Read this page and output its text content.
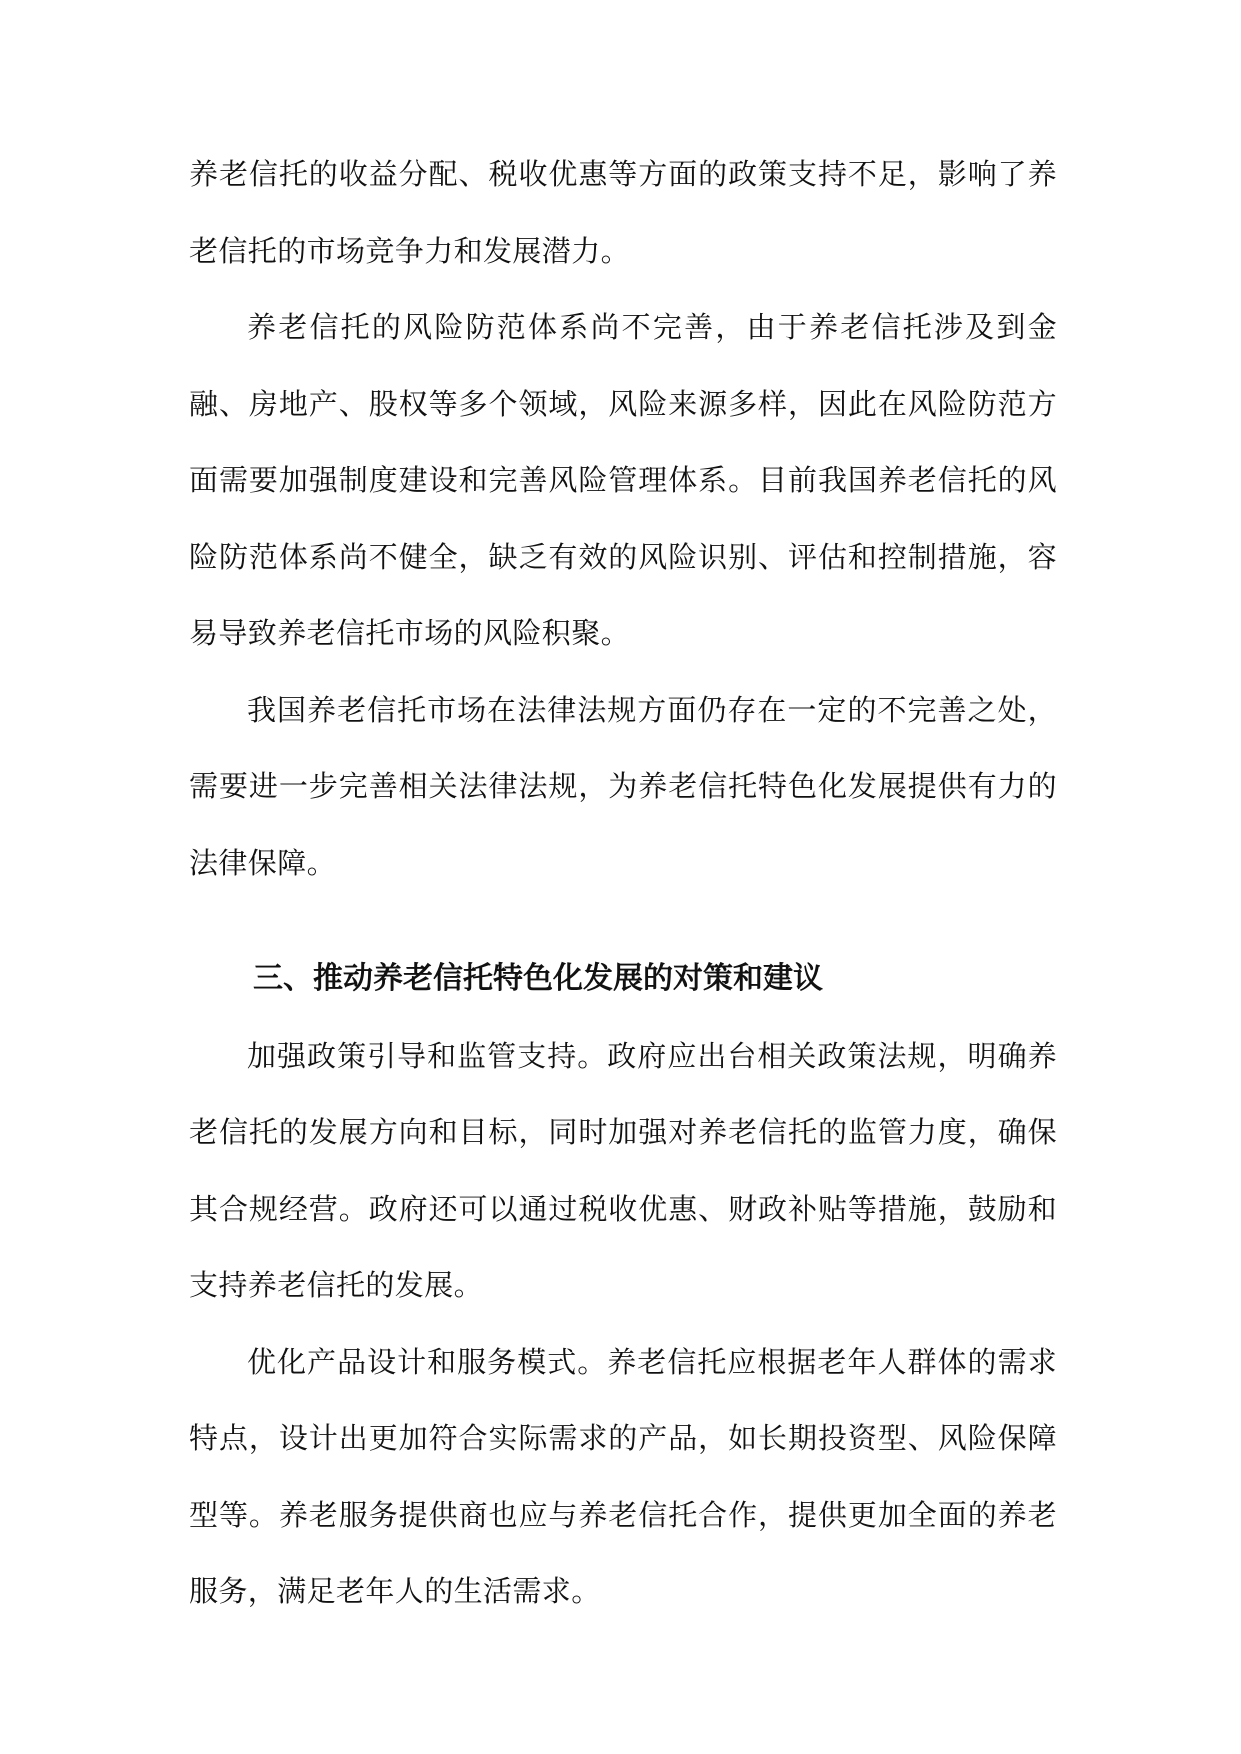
养老信托的收益分配、税收优惠等方面的政策支持不足，影响了养老信托的市场竞争力和发展潜力。

养老信托的风险防范体系尚不完善，由于养老信托涉及到金融、房地产、股权等多个领域，风险来源多样，因此在风险防范方面需要加强制度建设和完善风险管理体系。目前我国养老信托的风险防范体系尚不健全，缺乏有效的风险识别、评估和控制措施，容易导致养老信托市场的风险积聚。

我国养老信托市场在法律法规方面仍存在一定的不完善之处，需要进一步完善相关法律法规，为养老信托特色化发展提供有力的法律保障。

三、推动养老信托特色化发展的对策和建议

加强政策引导和监管支持。政府应出台相关政策法规，明确养老信托的发展方向和目标，同时加强对养老信托的监管力度，确保其合规经营。政府还可以通过税收优惠、财政补贴等措施，鼓励和支持养老信托的发展。

优化产品设计和服务模式。养老信托应根据老年人群体的需求特点，设计出更加符合实际需求的产品，如长期投资型、风险保障型等。养老服务提供商也应与养老信托合作，提供更加全面的养老服务，满足老年人的生活需求。
